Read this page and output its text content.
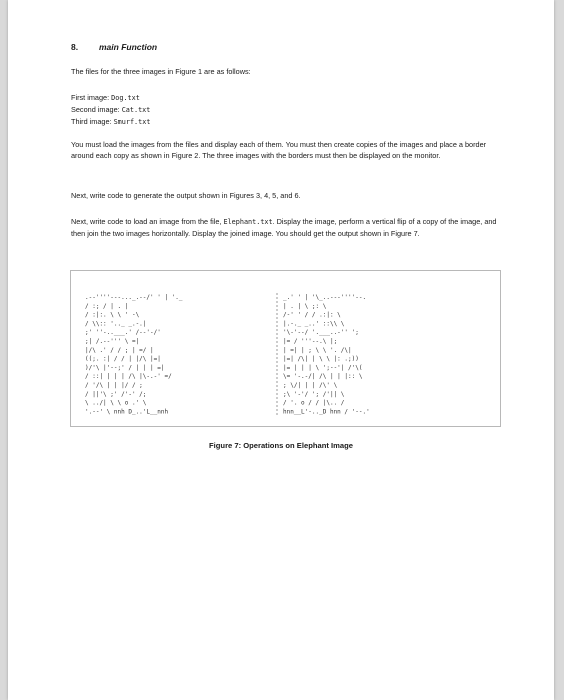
8. main Function
The files for the three images in Figure 1 are as follows:
First image: Dog.txt
Second image: Cat.txt
Third image: Smurf.txt
You must load the images from the files and display each of them. You must then create copies of the images and place a border around each copy as shown in Figure 2. The three images with the borders must then be displayed on the monitor.
Next, write code to generate the output shown in Figures 3, 4, 5, and 6.
Next, write code to load an image from the file, Elephant.txt. Display the image, perform a vertical flip of a copy of the image, and then join the two images horizontally. Display the joined image. You should get the output shown in Figure 7.
.--''''---..._.--/' ' | '._
/ :; / | . |
/ :|:. \ \ ' -\
/ \\:: '.._ _.-.|
;' ''-..___.' /--'-/'
;| /.--''' \ =|
|/\ .' / / ; | =/ |
((;. :| / / | |/\ |=|
)/'\ |'--;' / | | | =|
/ ::| | | | /\ |\-.-' =/
/ '/\ | | |/ / ;
/ ||'\ ;' /'-' /;
\ ../| \ \ o .' \
'.--' \ nnh D_..'L__nnh
_.' ' | '\_..---''''--.
| . | \ ;: \
/-' ' / / .:|: \
|.-._ _..' ::\\ \
'\-'--/ '.___..-'' ';
|= / '''--.\ |;
| =| | ; \ \ '. /\|
|=| /\| | \ \ |: .;))
|= | | | \ ';--'| /'\(
\= '-.-/| /\ | | |:: \
; \/| | | /\' \
;\ '-'/ '; /'|| \
/ '. o / / |\.. /
hnn__L'-.._D hnn / '--.'
Figure 7: Operations on Elephant Image
